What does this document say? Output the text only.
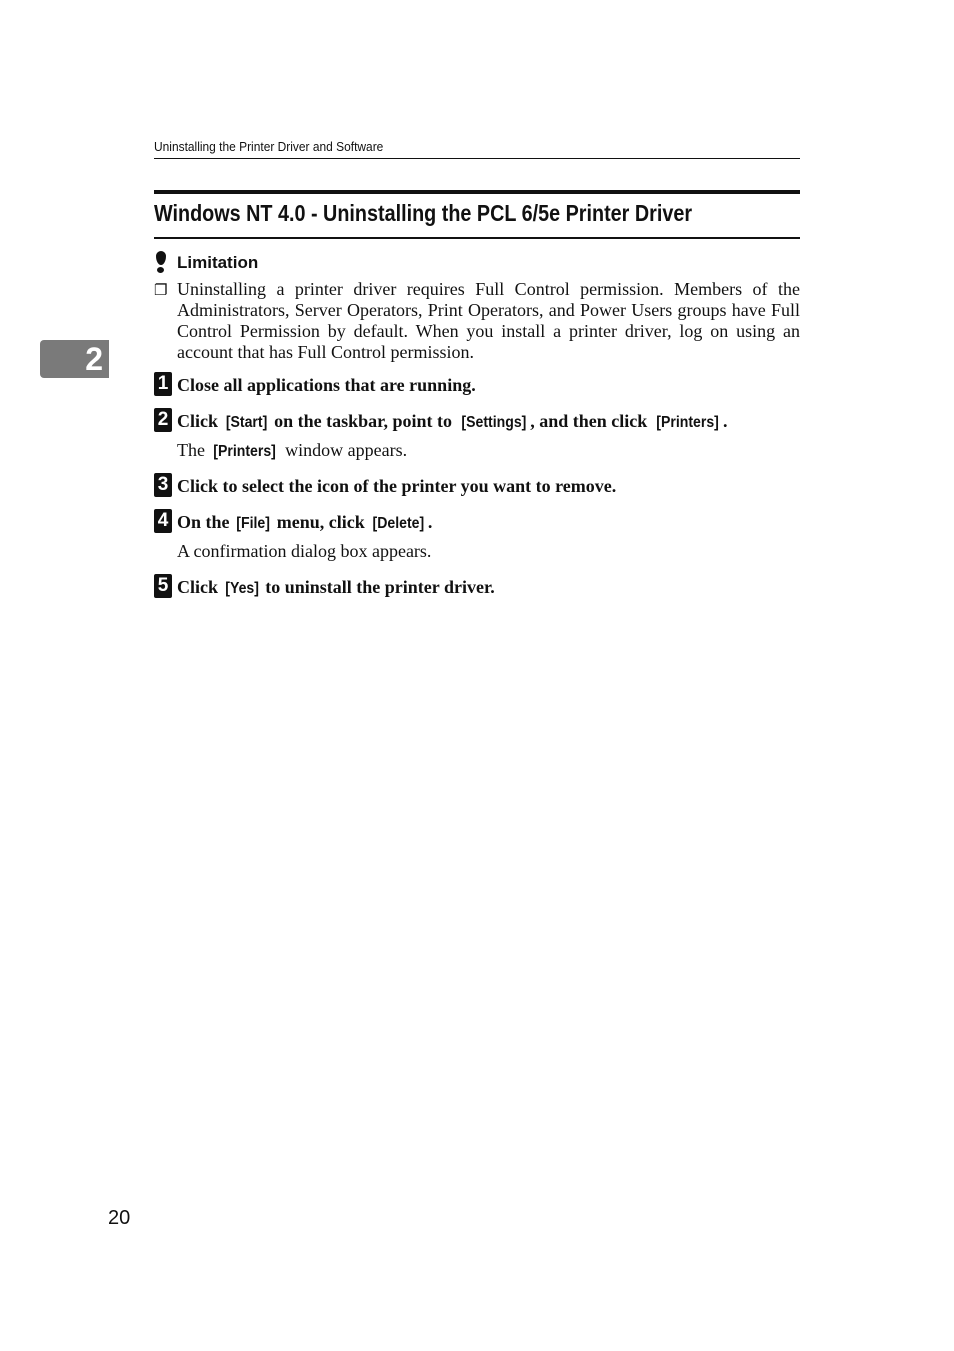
Uninstalling the Printer Driver and Software
Windows NT 4.0 - Uninstalling the PCL 6/5e Printer Driver
2
Limitation
❐ Uninstalling a printer driver requires Full Control permission. Members of the Administrators, Server Operators, Print Operators, and Power Users groups have Full Control Permission by default. When you install a printer driver, log on using an account that has Full Control permission.
1 Close all applications that are running.
2 Click [Start] on the taskbar, point to [Settings] , and then click [Printers] .
The [Printers] window appears.
3 Click to select the icon of the printer you want to remove.
4 On the [File] menu, click [Delete] .
A confirmation dialog box appears.
5 Click [Yes] to uninstall the printer driver.
20
